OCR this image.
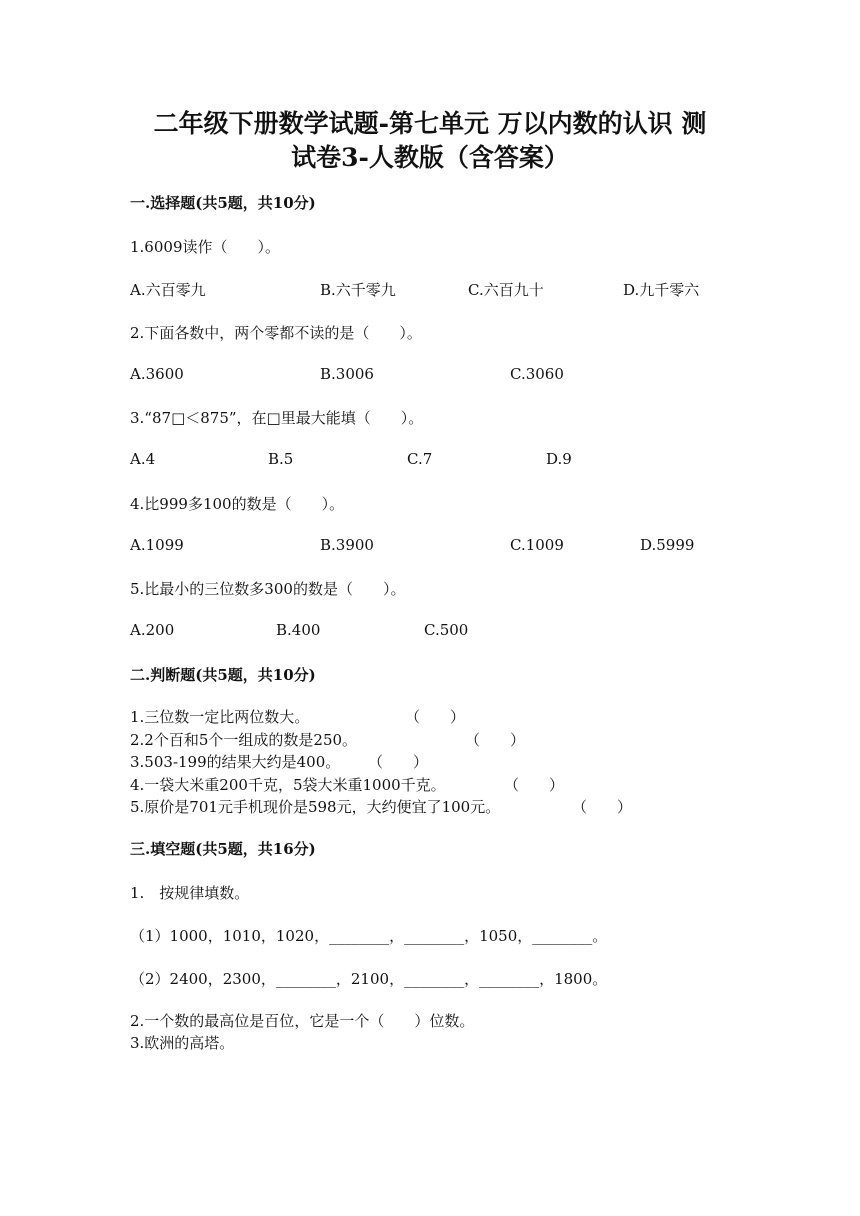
二年级下册数学试题-第七单元 万以内数的认识 测
试卷3-人教版（含答案）
一.选择题(共5题，共10分)
1.6009读作（　　）。
A.六百零九	B.六千零九	C.六百九十	D.九千零六
2.下面各数中，两个零都不读的是（　　）。
A.3600	B.3006	C.3060
3.“87□＜875”，在□里最大能填（　　）。
A.4	B.5	C.7	D.9
4.比999多100的数是（　　）。
A.1099	B.3900	C.1009	D.5999
5.比最小的三位数多300的数是（　　）。
A.200	B.400	C.500
二.判断题(共5题，共10分)
1.三位数一定比两位数大。	（　　）
2.2个百和5个一组成的数是250。	（　　）
3.503-199的结果大约是400。 （　　）
4.一袋大米重200千克，5袋大米重1000千克。	（　　）
5.原价是701元手机现价是598元，大约便宜了100元。	（　　）
三.填空题(共5题，共16分)
1.　按规律填数。
（1）1000，1010，1020，________，________，1050，________。
（2）2400，2300，________，2100，________，________，1800。
2.一个数的最高位是百位，它是一个（　　）位数。
3.欧洲的高塔。
